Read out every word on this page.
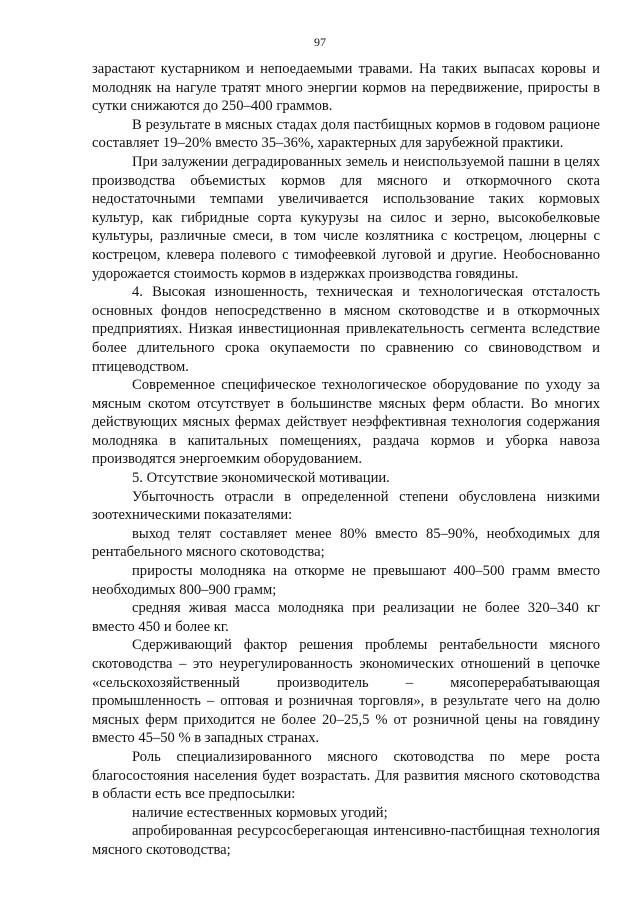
97

зарастают кустарником и непоедаемыми травами. На таких выпасах коровы и молодняк на нагуле тратят много энергии кормов на передвижение, приросты в сутки снижаются до 250–400 граммов.

В результате в мясных стадах доля пастбищных кормов в годовом рационе составляет 19–20% вместо 35–36%, характерных для зарубежной практики.

При залужении деградированных земель и неиспользуемой пашни в целях производства объемистых кормов для мясного и откормочного скота недостаточными темпами увеличивается использование таких кормовых культур, как гибридные сорта кукурузы на силос и зерно, высокобелковые культуры, различные смеси, в том числе козлятника с кострецом, люцерны с кострецом, клевера полевого с тимофеевкой луговой и другие. Необоснованно удорожается стоимость кормов в издержках производства говядины.

4. Высокая изношенность, техническая и технологическая отсталость основных фондов непосредственно в мясном скотоводстве и в откормочных предприятиях. Низкая инвестиционная привлекательность сегмента вследствие более длительного срока окупаемости по сравнению со свиноводством и птицеводством.

Современное специфическое технологическое оборудование по уходу за мясным скотом отсутствует в большинстве мясных ферм области. Во многих действующих мясных фермах действует неэффективная технология содержания молодняка в капитальных помещениях, раздача кормов и уборка навоза производятся энергоемким оборудованием.

5. Отсутствие экономической мотивации.

Убыточность отрасли в определенной степени обусловлена низкими зоотехническими показателями:

выход телят составляет менее 80% вместо 85–90%, необходимых для рентабельного мясного скотоводства;

приросты молодняка на откорме не превышают 400–500 грамм вместо необходимых 800–900 грамм;

средняя живая масса молодняка при реализации не более 320–340 кг вместо 450 и более кг.

Сдерживающий фактор решения проблемы рентабельности мясного скотоводства – это неурегулированность экономических отношений в цепочке «сельскохозяйственный производитель – мясоперерабатывающая промышленность – оптовая и розничная торговля», в результате чего на долю мясных ферм приходится не более 20–25,5 % от розничной цены на говядину вместо 45–50 % в западных странах.

Роль специализированного мясного скотоводства по мере роста благосостояния населения будет возрастать. Для развития мясного скотоводства в области есть все предпосылки:

наличие естественных кормовых угодий;

апробированная ресурсосберегающая интенсивно-пастбищная технология мясного скотоводства;
